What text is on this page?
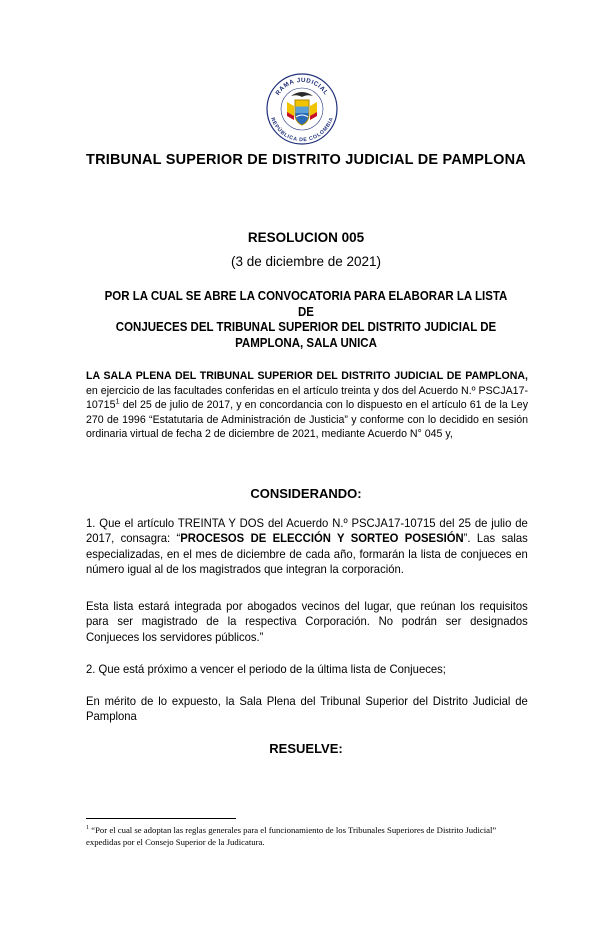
RAMA JUDICIAL
REPÚBLICA DE COLOMBIA
TRIBUNAL SUPERIOR DE DISTRITO JUDICIAL DE PAMPLONA
RESOLUCION 005
(3 de diciembre de 2021)
POR LA CUAL SE ABRE LA CONVOCATORIA PARA ELABORAR LA LISTA DE
CONJUECES DEL TRIBUNAL SUPERIOR DEL DISTRITO JUDICIAL DE
PAMPLONA, SALA UNICA
LA SALA PLENA DEL TRIBUNAL SUPERIOR DEL DISTRITO JUDICIAL DE PAMPLONA, en ejercicio de las facultades conferidas en el artículo treinta y dos del Acuerdo N.º PSCJA17-10715$^1$ del 25 de julio de 2017, y en concordancia con lo dispuesto en el artículo 61 de la Ley 270 de 1996 “Estatutaria de Administración de Justicia” y conforme con lo decidido en sesión ordinaria virtual de fecha 2 de diciembre de 2021, mediante Acuerdo N° 045 y,
CONSIDERANDO:
1. Que el artículo TREINTA Y DOS del Acuerdo N.º PSCJA17-10715 del 25 de julio de 2017, consagra: “PROCESOS DE ELECCIÓN Y SORTEO POSESIÓN”. Las salas especializadas, en el mes de diciembre de cada año, formarán la lista de conjueces en número igual al de los magistrados que integran la corporación.
Esta lista estará integrada por abogados vecinos del lugar, que reúnan los requisitos para ser magistrado de la respectiva Corporación. No podrán ser designados Conjueces los servidores públicos.”
2. Que está próximo a vencer el periodo de la última lista de Conjueces;
En mérito de lo expuesto, la Sala Plena del Tribunal Superior del Distrito Judicial de Pamplona
RESUELVE:
$^1$ “Por el cual se adoptan las reglas generales para el funcionamiento de los Tribunales Superiores de Distrito Judicial” expedidas por el Consejo Superior de la Judicatura.
